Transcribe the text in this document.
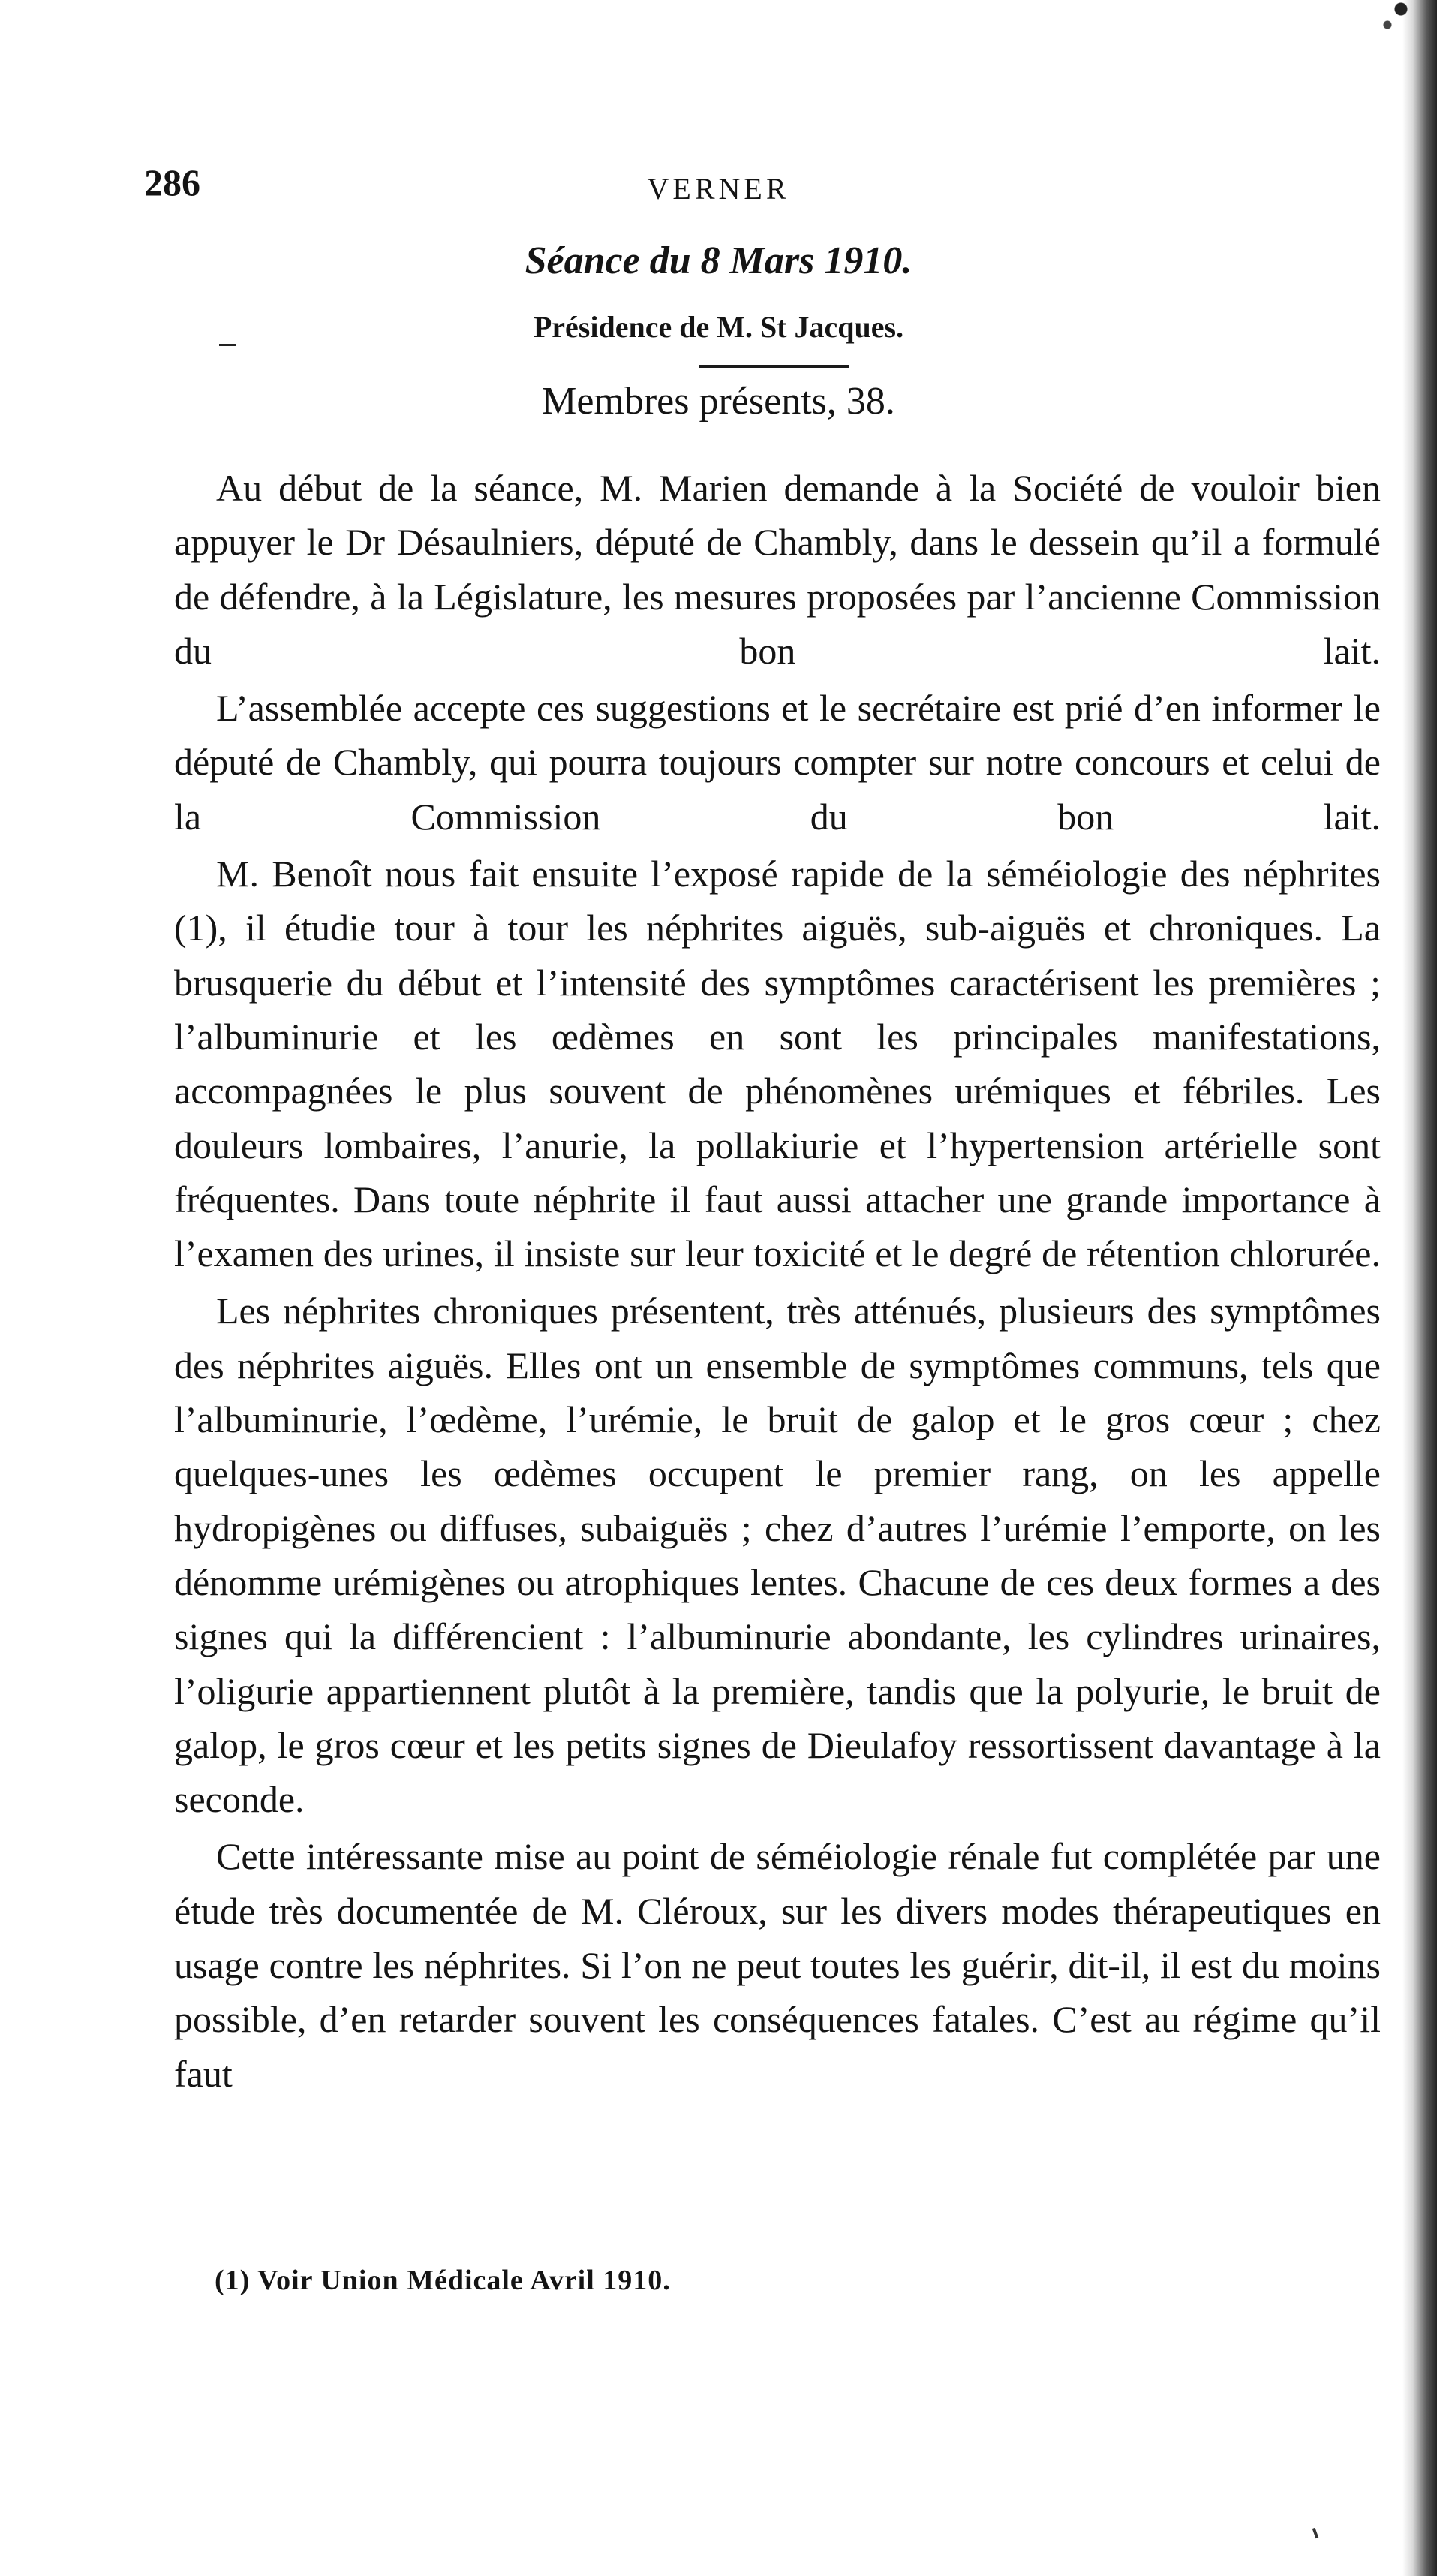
286	VERNER
Séance du 8 Mars 1910.
Présidence de M. St Jacques.
Membres présents, 38.

Au début de la séance, M. Marien demande à la Société de vouloir bien appuyer le Dr Désaulniers, député de Chambly, dans le dessein qu’il a formulé de défendre, à la Législature, les mesures proposées par l’ancienne Commission du bon lait.

L’assemblée accepte ces suggestions et le secrétaire est prié d’en informer le député de Chambly, qui pourra toujours compter sur notre concours et celui de la Commission du bon lait.

M. Benoît nous fait ensuite l’exposé rapide de la séméiologie des néphrites (1), il étudie tour à tour les néphrites aiguës, sub-aiguës et chroniques. La brusquerie du début et l’intensité des symptômes caractérisent les premières ; l’albuminurie et les œdèmes en sont les principales manifestations, accompagnées le plus souvent de phénomènes urémiques et fébriles. Les douleurs lombaires, l’anurie, la pollakiurie et l’hypertension artérielle sont fréquentes. Dans toute néphrite il faut aussi attacher une grande importance à l’examen des urines, il insiste sur leur toxicité et le degré de rétention chlorurée.

Les néphrites chroniques présentent, très atténués, plusieurs des symptômes des néphrites aiguës. Elles ont un ensemble de symptômes communs, tels que l’albuminurie, l’œdème, l’urémie, le bruit de galop et le gros cœur ; chez quelques-unes les œdèmes occupent le premier rang, on les appelle hydropigènes ou diffuses, subaiguës ; chez d’autres l’urémie l’emporte, on les dénomme urémigènes ou atrophiques lentes. Chacune de ces deux formes a des signes qui la différencient : l’albuminurie abondante, les cylindres urinaires, l’oligurie appartiennent plutôt à la première, tandis que la polyurie, le bruit de galop, le gros cœur et les petits signes de Dieulafoy ressortissent davantage à la seconde.

Cette intéressante mise au point de séméiologie rénale fut complétée par une étude très documentée de M. Cléroux, sur les divers modes thérapeutiques en usage contre les néphrites. Si l’on ne peut toutes les guérir, dit-il, il est du moins possible, d’en retarder souvent les conséquences fatales. C’est au régime qu’il faut

(1) Voir Union Médicale Avril 1910.
